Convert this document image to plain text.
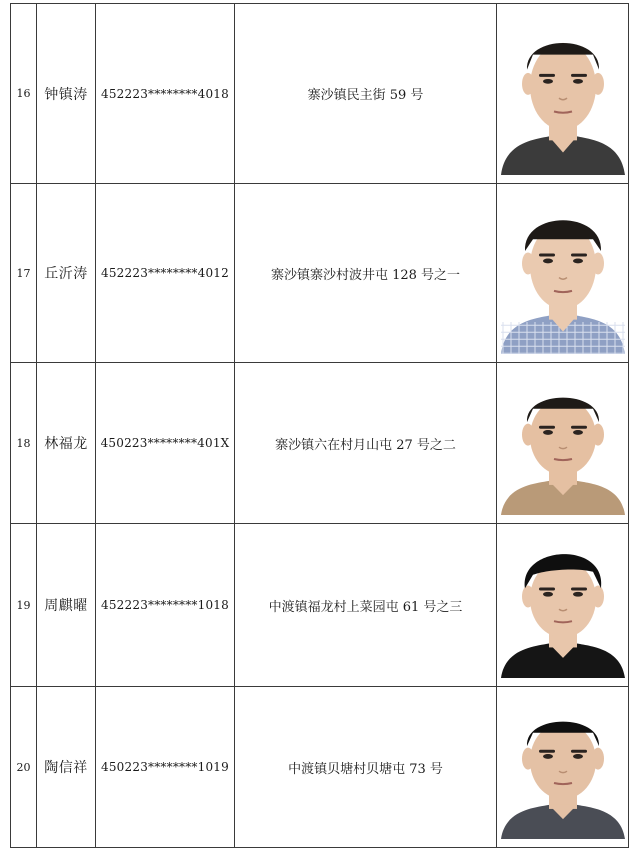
16	钟镇涛	452223********4018	寨沙镇民主街 59 号	

17	丘沂涛	452223********4012	寨沙镇寨沙村波井屯 128 号之一	

18	林福龙	450223********401X	寨沙镇六在村月山屯 27 号之二	

19	周麒曜	452223********1018	中渡镇福龙村上菜园屯 61 号之三	

20	陶信祥	450223********1019	中渡镇贝塘村贝塘屯 73 号	
